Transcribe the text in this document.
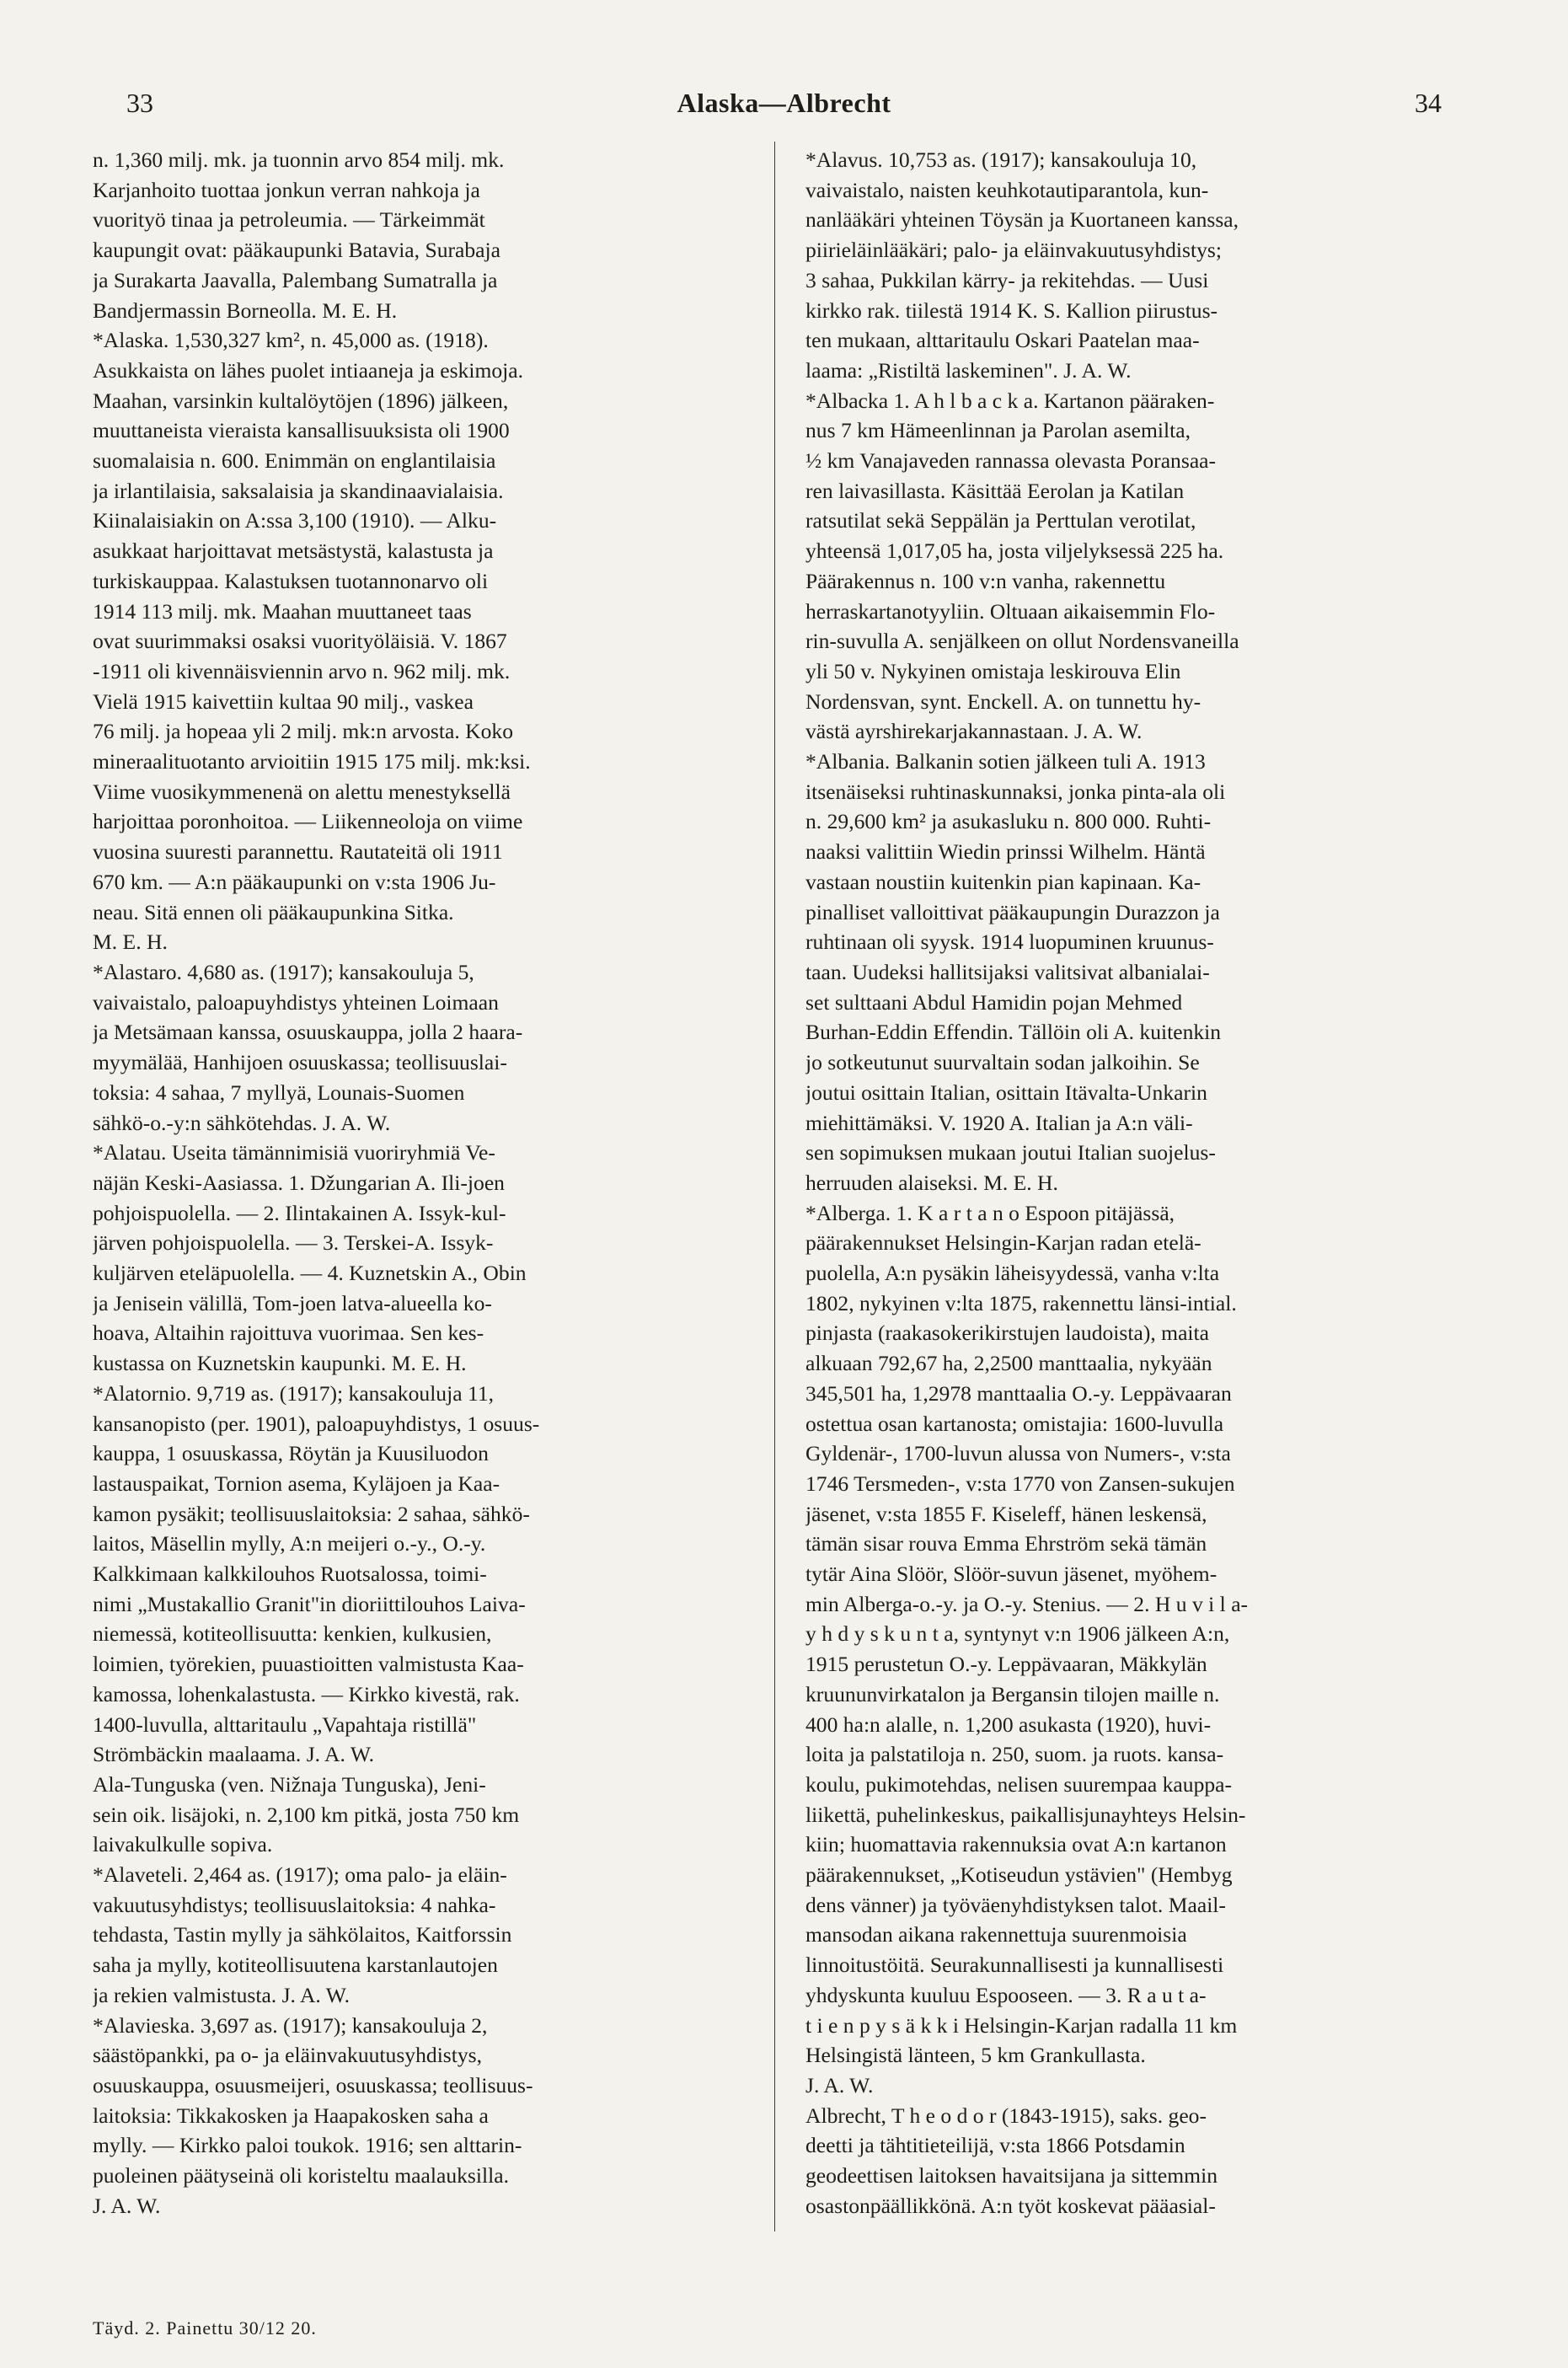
33	Alaska—Albrecht	34
n. 1,360 milj. mk. ja tuonnin arvo 854 milj. mk.
Karjanhoito tuottaa jonkun verran nahkoja ja
vuorityö tinaa ja petroleumia. — Tärkeimmät
kaupungit ovat: pääkaupunki Batavia, Surabaja
ja Surakarta Jaavalla, Palembang Sumatralla ja
Bandjermassin Borneolla. M. E. H.
*Alaska. 1,530,327 km², n. 45,000 as. (1918).
Asukkaista on lähes puolet intiaaneja ja eskimoja.
Maahan, varsinkin kultalöytöjen (1896) jälkeen,
muuttaneista vieraista kansallisuuksista oli 1900
suomalaisia n. 600. Enimmän on englantilaisia
ja irlantilaisia, saksalaisia ja skandinaavialaisia.
Kiinalaisiakin on A:ssa 3,100 (1910). — Alku-
asukkaat harjoittavat metsästystä, kalastusta ja
turkiskauppaa. Kalastuksen tuotannonarvo oli
1914 113 milj. mk. Maahan muuttaneet taas
ovat suurimmaksi osaksi vuorityöläisiä. V. 1867
-1911 oli kivennäisviennin arvo n. 962 milj. mk.
Vielä 1915 kaivettiin kultaa 90 milj., vaskea
76 milj. ja hopeaa yli 2 milj. mk:n arvosta. Koko
mineraalituotanto arvioitiin 1915 175 milj. mk:ksi.
Viime vuosikymmenenä on alettu menestyksellä
harjoittaa poronhoitoa. — Liikenneoloja on viime
vuosina suuresti parannettu. Rautateitä oli 1911
670 km. — A:n pääkaupunki on v:sta 1906 Ju-
neau. Sitä ennen oli pääkaupunkina Sitka.
M. E. H.
*Alastaro. 4,680 as. (1917); kansakouluja 5,
vaivaistalo, paloapuyhdistys yhteinen Loimaan
ja Metsämaan kanssa, osuuskauppa, jolla 2 haara-
myymälää, Hanhijoen osuuskassa; teollisuuslai-
toksia: 4 sahaa, 7 myllyä, Lounais-Suomen
sähkö-o.-y:n sähkötehdas. J. A. W.
*Alatau. Useita tämännimisiä vuoriryhmiä Ve-
näjän Keski-Aasiassa. 1. Džungarian A. Ili-joen
pohjoispuolella. — 2. Ilintakainen A. Issyk-kul-
järven pohjoispuolella. — 3. Terskei-A. Issyk-
kuljärven eteläpuolella. — 4. Kuznetskin A., Obin
ja Jenisein välillä, Tom-joen latva-alueella ko-
hoava, Altaihin rajoittuva vuorimaa. Sen kes-
kustassa on Kuznetskin kaupunki. M. E. H.
*Alatornio. 9,719 as. (1917); kansakouluja 11,
kansanopisto (per. 1901), paloapuyhdistys, 1 osuus-
kauppa, 1 osuuskassa, Röytän ja Kuusiluodon
lastauspaikat, Tornion asema, Kyläjoen ja Kaa-
kamon pysäkit; teollisuuslaitoksia: 2 sahaa, sähkö-
laitos, Mäsellin mylly, A:n meijeri o.-y., O.-y.
Kalkkimaan kalkkilouhos Ruotsalossa, toimi-
nimi „Mustakallio Granit"in dioriittilouhos Laiva-
niemessä, kotiteollisuutta: kenkien, kulkusien,
loimien, työrekien, puuastioitten valmistusta Kaa-
kamossa, lohenkalastusta. — Kirkko kivestä, rak.
1400-luvulla, alttaritaulu „Vapahtaja ristillä"
Strömbäckin maalaama. J. A. W.
Ala-Tunguska (ven. Nižnaja Tunguska), Jeni-
sein oik. lisäjoki, n. 2,100 km pitkä, josta 750 km
laivakulkulle sopiva.
*Alaveteli. 2,464 as. (1917); oma palo- ja eläin-
vakuutusyhdistys; teollisuuslaitoksia: 4 nahka-
tehdasta, Tastin mylly ja sähkölaitos, Kaitforssin
saha ja mylly, kotiteollisuutena karstanlautojen
ja rekien valmistusta. J. A. W.
*Alavieska. 3,697 as. (1917); kansakouluja 2,
säästöpankki, pa o- ja eläinvakuutusyhdistys,
osuuskauppa, osuusmeijeri, osuuskassa; teollisuus-
laitoksia: Tikkakosken ja Haapakosken saha a
mylly. — Kirkko paloi toukok. 1916; sen alttarin-
puoleinen päätyseinä oli koristeltu maalauksilla.
J. A. W.
*Alavus. 10,753 as. (1917); kansakouluja 10,
vaivaistalo, naisten keuhkotautiparantola, kun-
nanlääkäri yhteinen Töysän ja Kuortaneen kanssa,
piirieläinlääkäri; palo- ja eläinvakuutusyhdistys;
3 sahaa, Pukkilan kärry- ja rekitehdas. — Uusi
kirkko rak. tiilestä 1914 K. S. Kallion piirustus-
ten mukaan, alttaritaulu Oskari Paatelan maa-
laama: „Ristiltä laskeminen". J. A. W.
*Albacka 1. A h l b a c k a. Kartanon pääraken-
nus 7 km Hämeenlinnan ja Parolan asemilta,
½ km Vanajaveden rannassa olevasta Poransaa-
ren laivasillasta. Käsittää Eerolan ja Katilan
ratsutilat sekä Seppälän ja Perttulan verotilat,
yhteensä 1,017,05 ha, josta viljelyksessä 225 ha.
Päärakennus n. 100 v:n vanha, rakennettu
herraskartanotyyliin. Oltuaan aikaisemmin Flo-
rin-suvulla A. senjälkeen on ollut Nordensvaneilla
yli 50 v. Nykyinen omistaja leskirouva Elin
Nordensvan, synt. Enckell. A. on tunnettu hy-
västä ayrshirekarjakannastaan. J. A. W.
*Albania. Balkanin sotien jälkeen tuli A. 1913
itsenäiseksi ruhtinaskunnaksi, jonka pinta-ala oli
n. 29,600 km² ja asukasluku n. 800 000. Ruhti-
naaksi valittiin Wiedin prinssi Wilhelm. Häntä
vastaan noustiin kuitenkin pian kapinaan. Ka-
pinalliset valloittivat pääkaupungin Durazzon ja
ruhtinaan oli syysk. 1914 luopuminen kruunus-
taan. Uudeksi hallitsijaksi valitsivat albanialai-
set sulttaani Abdul Hamidin pojan Mehmed
Burhan-Eddin Effendin. Tällöin oli A. kuitenkin
jo sotkeutunut suurvaltain sodan jalkoihin. Se
joutui osittain Italian, osittain Itävalta-Unkarin
miehittämäksi. V. 1920 A. Italian ja A:n väli-
sen sopimuksen mukaan joutui Italian suojelus-
herruuden alaiseksi. M. E. H.
*Alberga. 1. K a r t a n o Espoon pitäjässä,
päärakennukset Helsingin-Karjan radan etelä-
puolella, A:n pysäkin läheisyydessä, vanha v:lta
1802, nykyinen v:lta 1875, rakennettu länsi-intial.
pinjasta (raakasokerikirstujen laudoista), maita
alkuaan 792,67 ha, 2,2500 manttaalia, nykyään
345,501 ha, 1,2978 manttaalia O.-y. Leppävaaran
ostettua osan kartanosta; omistajia: 1600-luvulla
Gyldenär-, 1700-luvun alussa von Numers-, v:sta
1746 Tersmeden-, v:sta 1770 von Zansen-sukujen
jäsenet, v:sta 1855 F. Kiseleff, hänen leskensä,
tämän sisar rouva Emma Ehrström sekä tämän
tytär Aina Slöör, Slöör-suvun jäsenet, myöhem-
min Alberga-o.-y. ja O.-y. Stenius. — 2. H u v i l a-
y h d y s k u n t a, syntynyt v:n 1906 jälkeen A:n,
1915 perustetun O.-y. Leppävaaran, Mäkkylän
kruununvirkatalon ja Bergansin tilojen maille n.
400 ha:n alalle, n. 1,200 asukasta (1920), huvi-
loita ja palstatiloja n. 250, suom. ja ruots. kansa-
koulu, pukimotehdas, nelisen suurempaa kauppa-
liikettä, puhelinkeskus, paikallisjunayhteys Helsin-
kiin; huomattavia rakennuksia ovat A:n kartanon
päärakennukset, „Kotiseudun ystävien" (Hembyg
dens vänner) ja työväenyhdistyksen talot. Maail-
mansodan aikana rakennettuja suurenmoisia
linnoitustöitä. Seurakunnallisesti ja kunnallisesti
yhdyskunta kuuluu Espooseen. — 3. R a u t a-
t i e n p y s ä k k i Helsingin-Karjan radalla 11 km
Helsingistä länteen, 5 km Grankullasta.
J. A. W.
Albrecht, T h e o d o r (1843-1915), saks. geo-
deetti ja tähtitieteilijä, v:sta 1866 Potsdamin
geodeettisen laitoksen havaitsijana ja sittemmin
osastonpäällikkönä. A:n työt koskevat pääasial-
Täyd. 2. Painettu 30/12 20.
